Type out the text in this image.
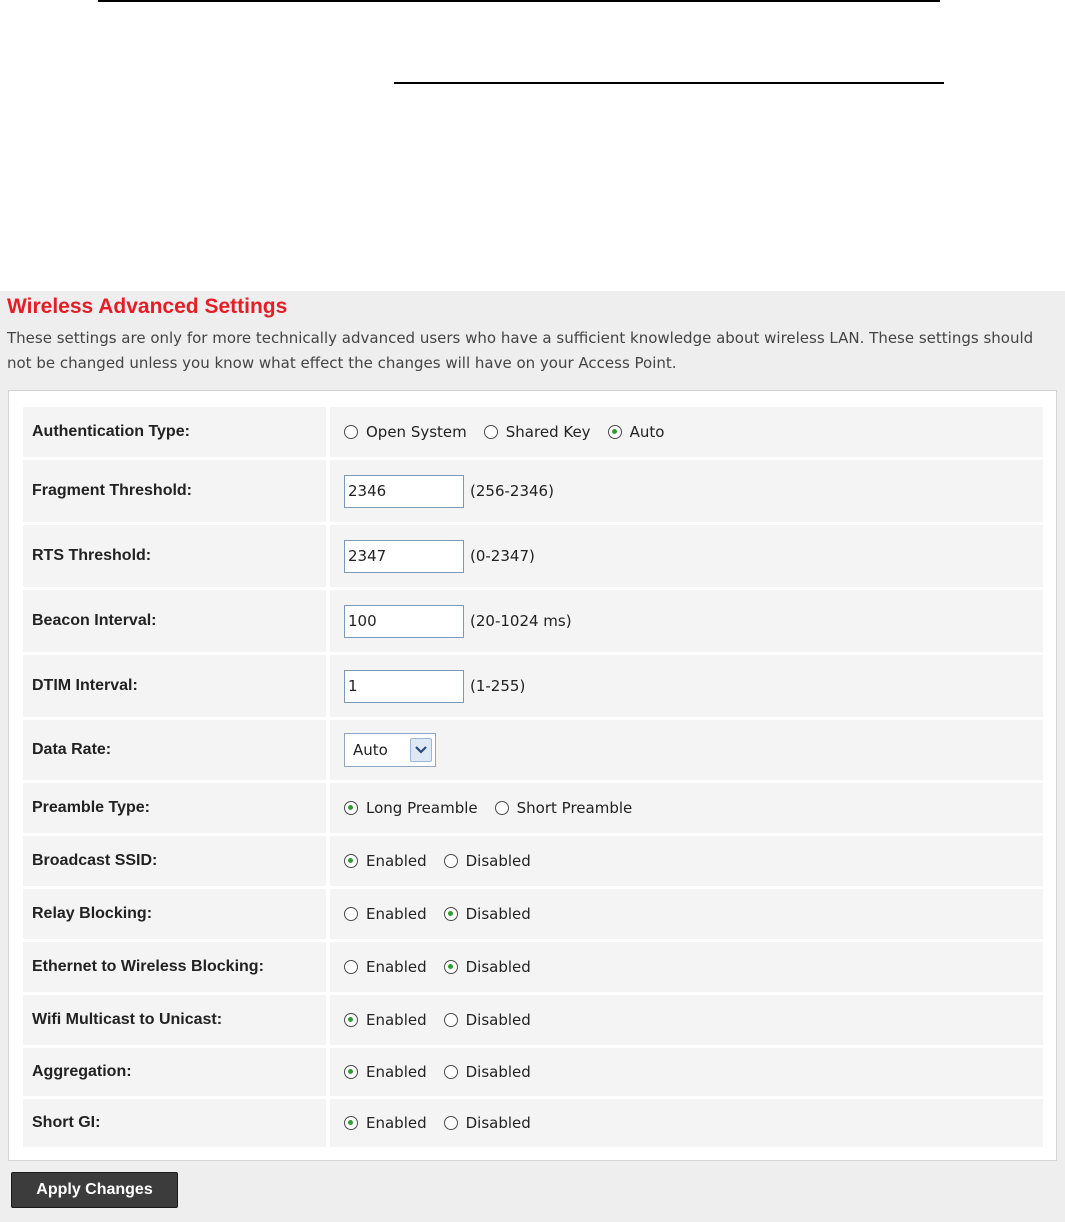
Wireless Advanced Settings
These settings are only for more technically advanced users who have a sufficient knowledge about wireless LAN. These settings should not be changed unless you know what effect the changes will have on your Access Point.
Authentication Type:	Open System	Shared Key	Auto
Fragment Threshold:	2346	(256-2346)
RTS Threshold:	2347	(0-2347)
Beacon Interval:	100	(20-1024 ms)
DTIM Interval:	1	(1-255)
Data Rate:	Auto
Preamble Type:	Long Preamble	Short Preamble
Broadcast SSID:	Enabled	Disabled
Relay Blocking:	Enabled	Disabled
Ethernet to Wireless Blocking:	Enabled	Disabled
Wifi Multicast to Unicast:	Enabled	Disabled
Aggregation:	Enabled	Disabled
Short GI:	Enabled	Disabled
Apply Changes
